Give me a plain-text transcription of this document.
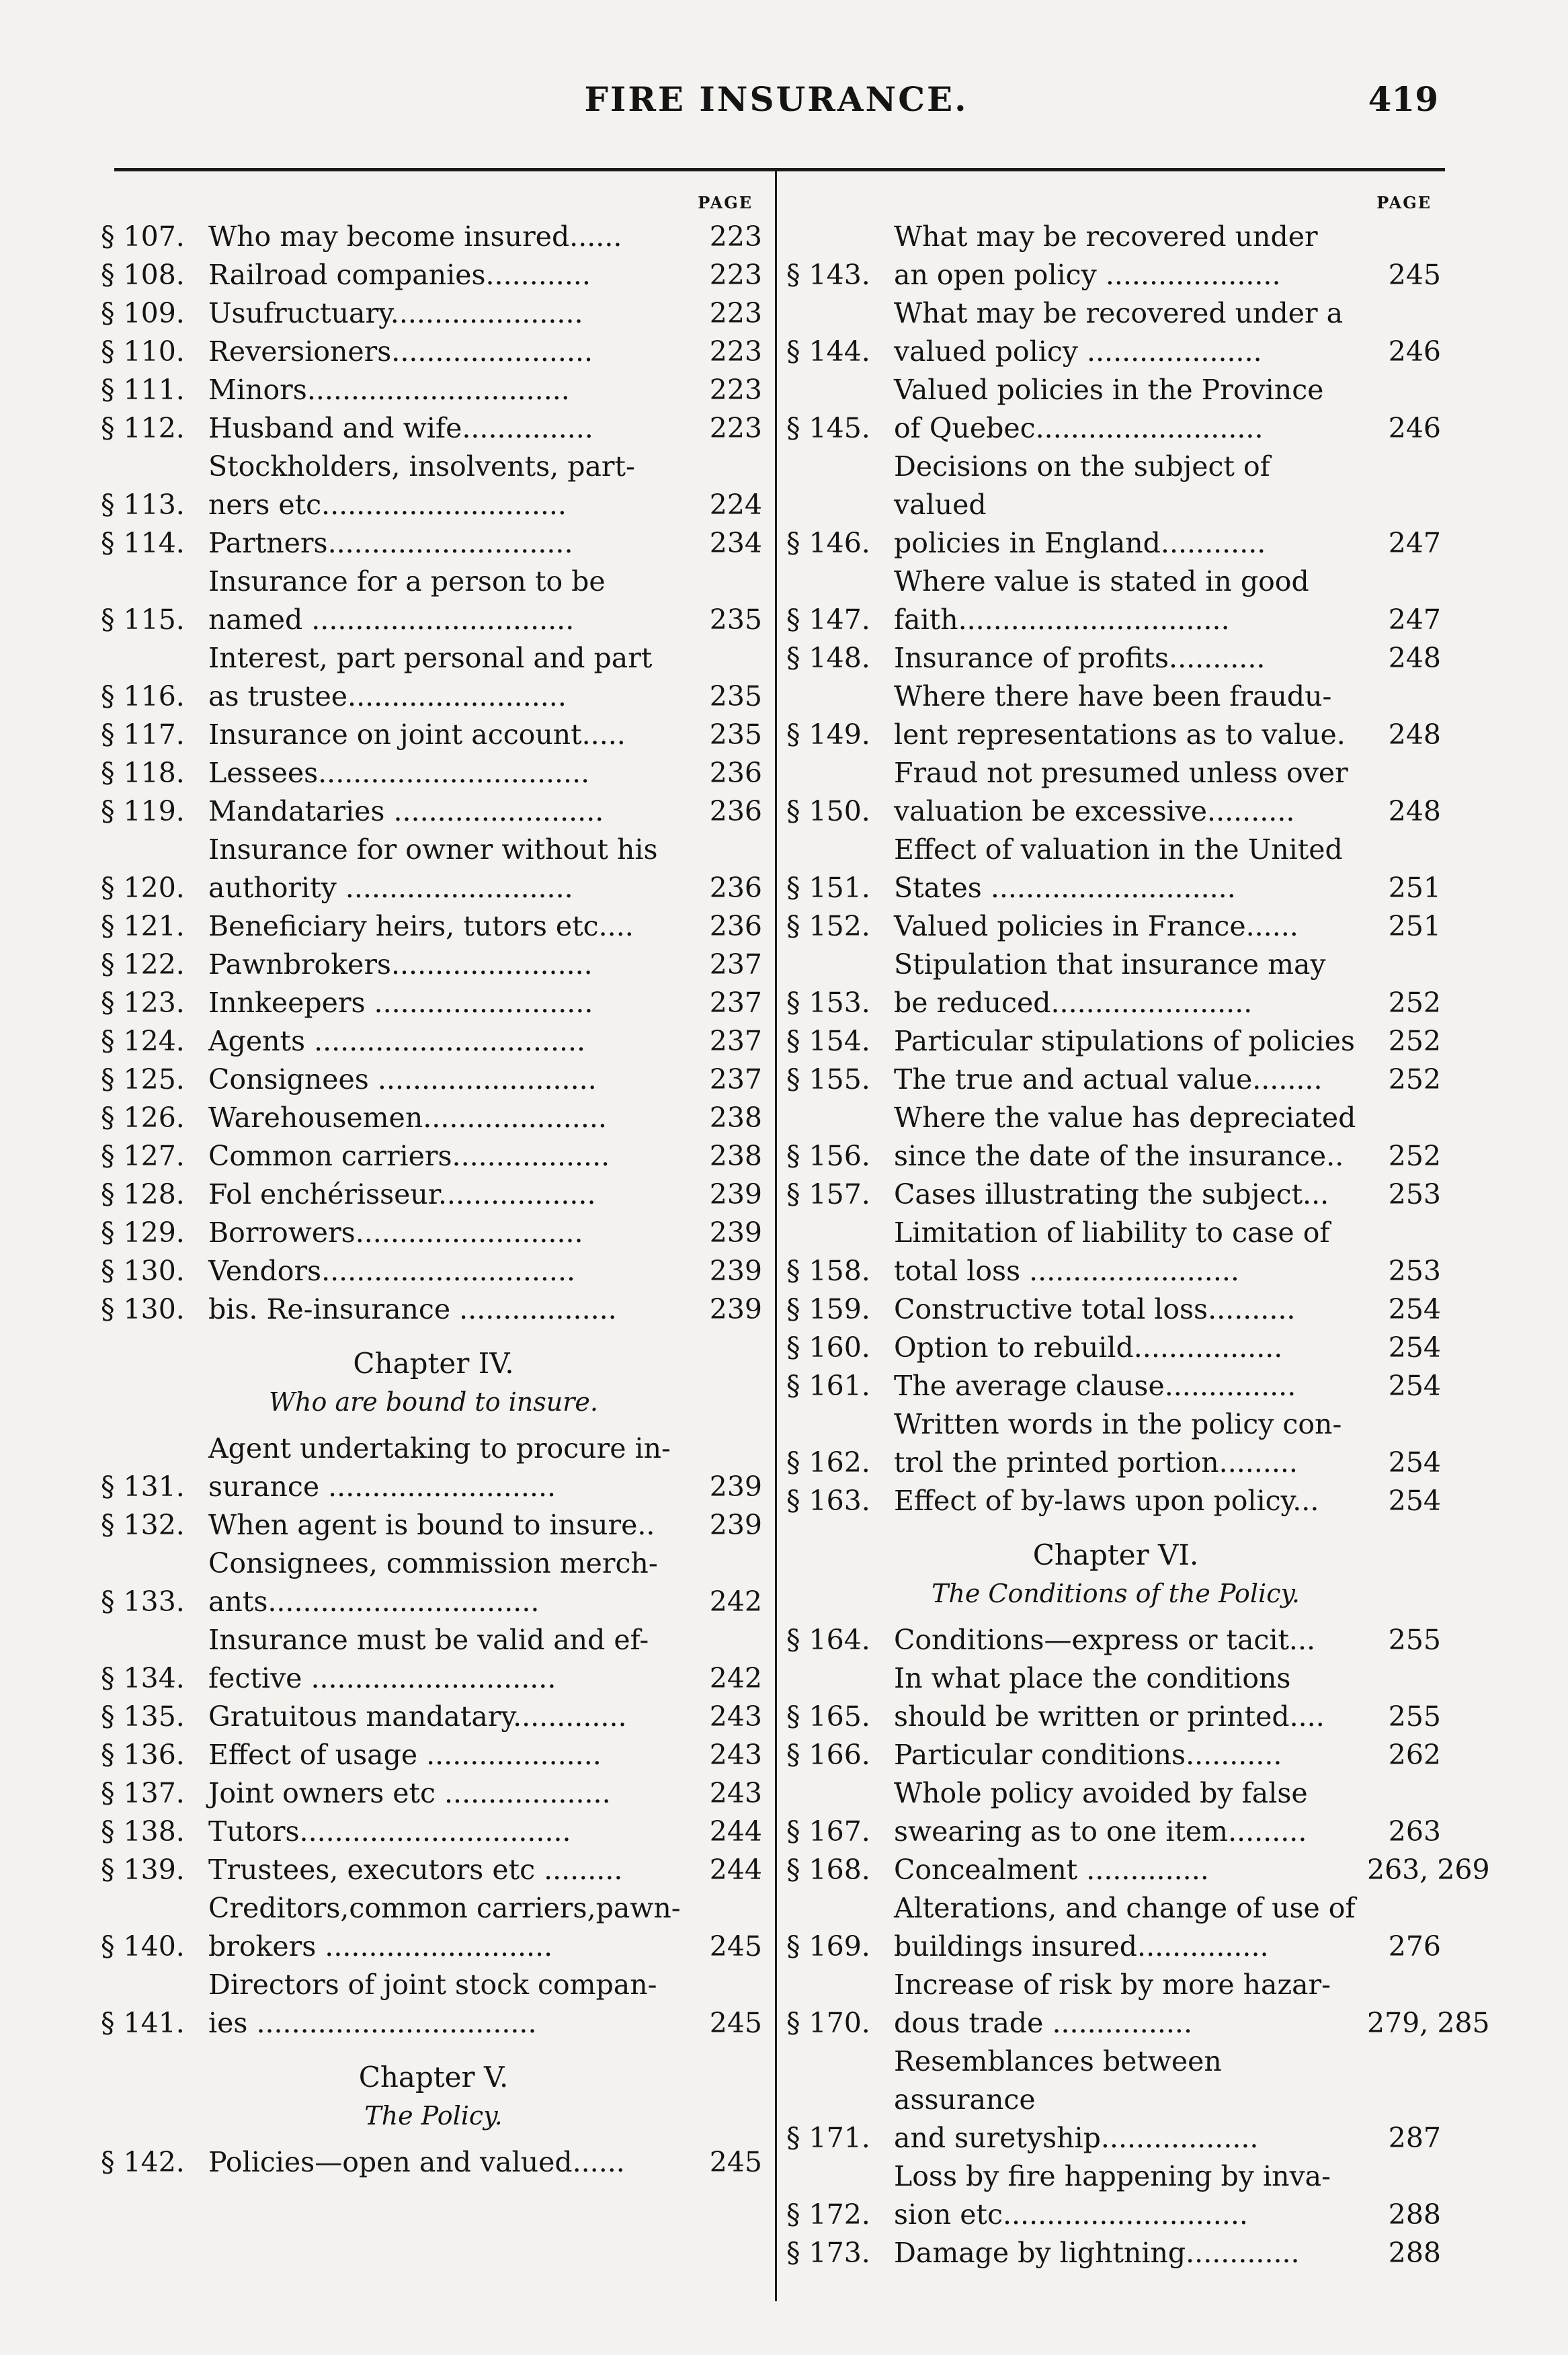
FIRE INSURANCE.	419
PAGE
§ 107. Who may become insured......	223
§ 108. Railroad companies............	223
§ 109. Usufructuary......................	223
§ 110. Reversioners.......................	223
§ 111. Minors..............................	223
§ 112. Husband and wife...............	223
§ 113.
Stockholders, insolvents, part-
ners etc............................	224
§ 114. Partners............................	234
§ 115.
Insurance for a person to be
named ..............................	235
§ 116.
Interest, part personal and part
as trustee.........................	235
§ 117. Insurance on joint account.....	235
§ 118. Lessees...............................	236
§ 119. Mandataries ........................	236
§ 120.
Insurance for owner without his
authority ..........................	236
§ 121. Beneficiary heirs, tutors etc....	236
§ 122. Pawnbrokers.......................	237
§ 123. Innkeepers .........................	237
§ 124. Agents ...............................	237
§ 125. Consignees .........................	237
§ 126. Warehousemen.....................	238
§ 127. Common carriers..................	238
§ 128. Fol enchérisseur..................	239
§ 129. Borrowers..........................	239
§ 130. Vendors.............................	239
§ 130. bis. Re-insurance ..................	239
Chapter IV.
Who are bound to insure.
§ 131.
Agent undertaking to procure in-
surance ..........................	239
§ 132. When agent is bound to insure..	239
§ 133.
Consignees, commission merch-
ants...............................	242
§ 134.
Insurance must be valid and ef-
fective ............................	242
§ 135. Gratuitous mandatary.............	243
§ 136. Effect of usage ....................	243
§ 137. Joint owners etc ...................	243
§ 138. Tutors...............................	244
§ 139. Trustees, executors etc .........	244
§ 140.
Creditors,common carriers,pawn-
brokers ..........................	245
§ 141.
Directors of joint stock compan-
ies ................................	245
Chapter V.
The Policy.
§ 142. Policies—open and valued......	245
PAGE
§ 143.
What may be recovered under
an open policy ....................	245
§ 144.
What may be recovered under a
valued policy ....................	246
§ 145.
Valued policies in the Province
of Quebec..........................	246
§ 146.
Decisions on the subject of valued
policies in England............	247
§ 147.
Where value is stated in good
faith...............................	247
§ 148. Insurance of profits...........	248
§ 149.
Where there have been fraudu-
lent representations as to value.	248
§ 150.
Fraud not presumed unless over
valuation be excessive..........	248
§ 151.
Effect of valuation in the United
States ............................	251
§ 152. Valued policies in France......	251
§ 153.
Stipulation that insurance may
be reduced.......................	252
§ 154. Particular stipulations of policies	252
§ 155. The true and actual value........	252
§ 156.
Where the value has depreciated
since the date of the insurance..	252
§ 157. Cases illustrating the subject...	253
§ 158.
Limitation of liability to case of
total loss ........................	253
§ 159. Constructive total loss..........	254
§ 160. Option to rebuild.................	254
§ 161. The average clause...............	254
§ 162.
Written words in the policy con-
trol the printed portion.........	254
§ 163. Effect of by-laws upon policy...	254
Chapter VI.
The Conditions of the Policy.
§ 164. Conditions—express or tacit...	255
§ 165.
In what place the conditions
should be written or printed....	255
§ 166. Particular conditions...........	262
§ 167.
Whole policy avoided by false
swearing as to one item.........	263
§ 168. Concealment ..............	263, 269
§ 169.
Alterations, and change of use of
buildings insured...............	276
§ 170.
Increase of risk by more hazar-
dous trade ................	279, 285
§ 171.
Resemblances between assurance
and suretyship..................	287
§ 172.
Loss by fire happening by inva-
sion etc............................	288
§ 173. Damage by lightning.............	288
